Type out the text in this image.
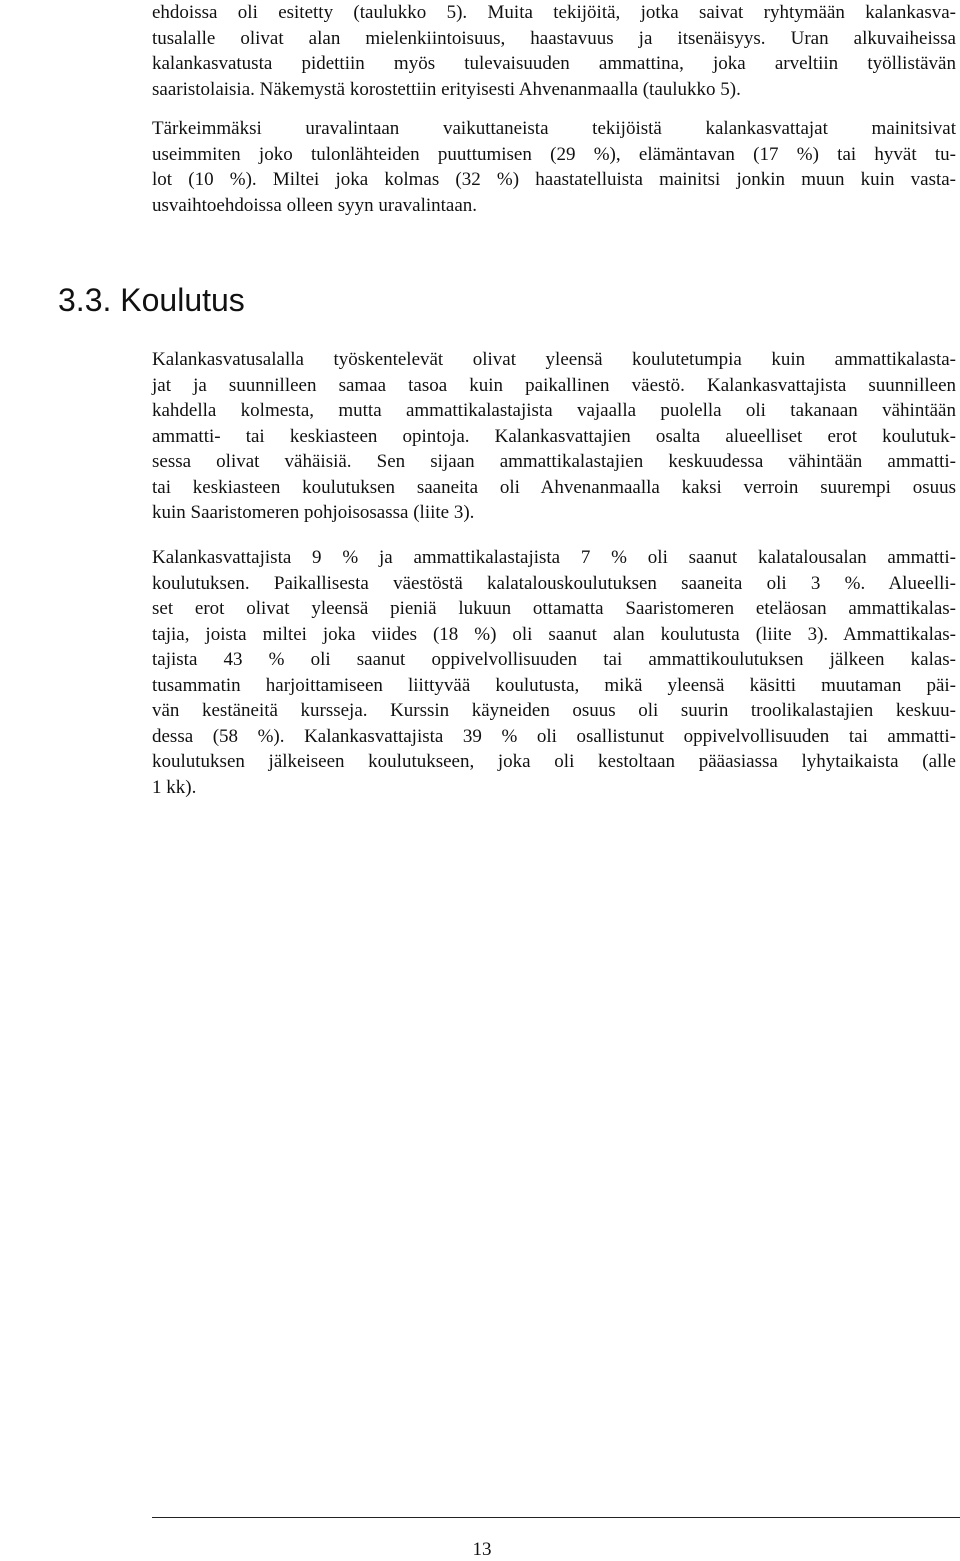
ehdoissa oli esitetty (taulukko 5). Muita tekijöitä, jotka saivat ryhtymään kalankasva-
tusalalle olivat alan mielenkiintoisuus, haastavuus ja itsenäisyys. Uran alkuvaiheissa
kalankasvatusta pidettiin myös tulevaisuuden ammattina, joka arveltiin työllistävän
saaristolaisia. Näkemystä korostettiin erityisesti Ahvenanmaalla (taulukko 5).

Tärkeimmäksi uravalintaan vaikuttaneista tekijöistä kalankasvattajat mainitsivat
useimmiten joko tulonlähteiden puuttumisen (29 %), elämäntavan (17 %) tai hyvät tu-
lot (10 %). Miltei joka kolmas (32 %) haastatelluista mainitsi jonkin muun kuin vasta-
usvaihtoehdoissa olleen syyn uravalintaan.

3.3. Koulutus

Kalankasvatusalalla työskentelevät olivat yleensä koulutetumpia kuin ammattikalasta-
jat ja suunnilleen samaa tasoa kuin paikallinen väestö. Kalankasvattajista suunnilleen
kahdella kolmesta, mutta ammattikalastajista vajaalla puolella oli takanaan vähintään
ammatti- tai keskiasteen opintoja. Kalankasvattajien osalta alueelliset erot koulutuk-
sessa olivat vähäisiä. Sen sijaan ammattikalastajien keskuudessa vähintään ammatti-
tai keskiasteen koulutuksen saaneita oli Ahvenanmaalla kaksi verroin suurempi osuus
kuin Saaristomeren pohjoisosassa (liite 3).

Kalankasvattajista 9 % ja ammattikalastajista 7 % oli saanut kalatalousalan ammatti-
koulutuksen. Paikallisesta väestöstä kalatalouskoulutuksen saaneita oli 3 %. Alueelli-
set erot olivat yleensä pieniä lukuun ottamatta Saaristomeren eteläosan ammattikalas-
tajia, joista miltei joka viides (18 %) oli saanut alan koulutusta (liite 3). Ammattikalas-
tajista 43 % oli saanut oppivelvollisuuden tai ammattikoulutuksen jälkeen kalas-
tusammatin harjoittamiseen liittyvää koulutusta, mikä yleensä käsitti muutaman päi-
vän kestäneitä kursseja. Kurssin käyneiden osuus oli suurin troolikalastajien keskuu-
dessa (58 %). Kalankasvattajista 39 % oli osallistunut oppivelvollisuuden tai ammatti-
koulutuksen jälkeiseen koulutukseen, joka oli kestoltaan pääasiassa lyhytaikaista (alle
1 kk).

13
